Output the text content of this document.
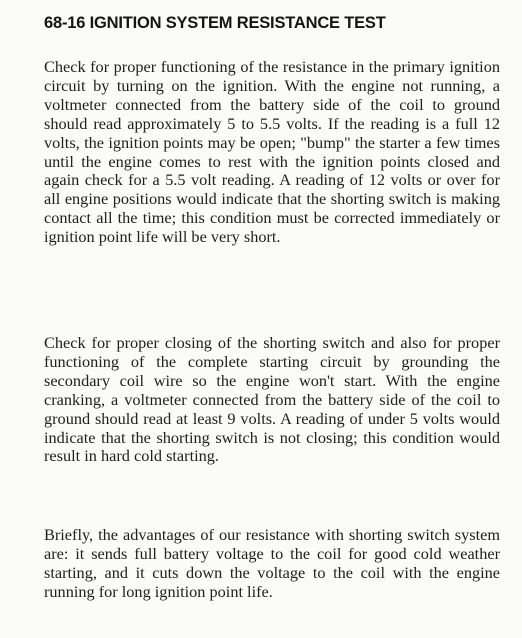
68-16 IGNITION SYSTEM RESISTANCE TEST

Check for proper functioning of the resistance in the primary ignition circuit by turning on the ignition. With the engine not running, a voltmeter connected from the battery side of the coil to ground should read approximately 5 to 5.5 volts. If the reading is a full 12 volts, the ignition points may be open; "bump" the starter a few times until the engine comes to rest with the ignition points closed and again check for a 5.5 volt reading. A reading of 12 volts or over for all engine positions would indicate that the shorting switch is making contact all the time; this condition must be corrected immediately or ignition point life will be very short.

Check for proper closing of the shorting switch and also for proper functioning of the complete starting circuit by grounding the secondary coil wire so the engine won't start. With the engine cranking, a voltmeter connected from the battery side of the coil to ground should read at least 9 volts. A reading of under 5 volts would indicate that the shorting switch is not closing; this condition would result in hard cold starting.

Briefly, the advantages of our resistance with shorting switch system are: it sends full battery voltage to the coil for good cold weather starting, and it cuts down the voltage to the coil with the engine running for long ignition point life.
